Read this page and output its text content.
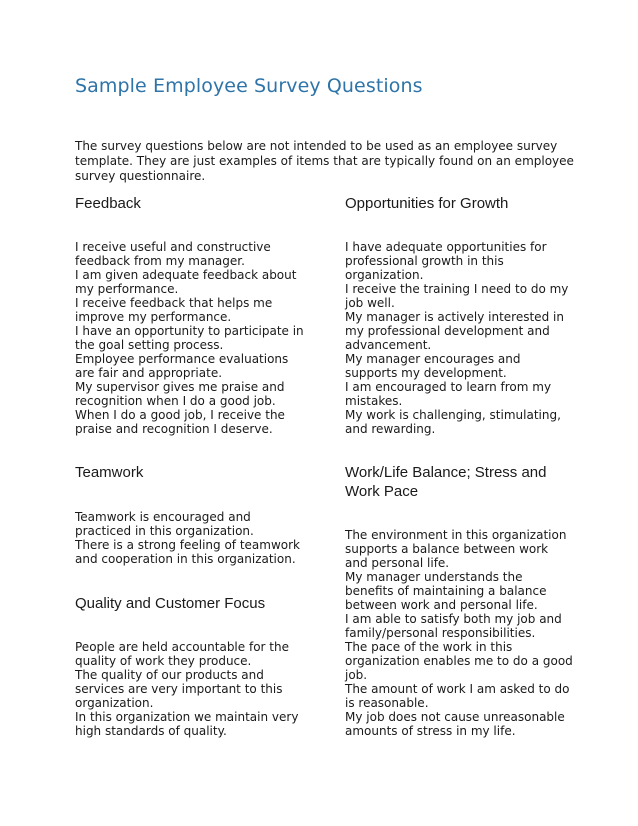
Sample Employee Survey Questions

The survey questions below are not intended to be used as an employee survey template. They are just examples of items that are typically found on an employee survey questionnaire.

Feedback
I receive useful and constructive feedback from my manager.
I am given adequate feedback about my performance.
I receive feedback that helps me improve my performance.
I have an opportunity to participate in the goal setting process.
Employee performance evaluations are fair and appropriate.
My supervisor gives me praise and recognition when I do a good job.
When I do a good job, I receive the praise and recognition I deserve.
Teamwork
Teamwork is encouraged and practiced in this organization.
There is a strong feeling of teamwork and cooperation in this organization.
Quality and Customer Focus
People are held accountable for the quality of work they produce.
The quality of our products and services are very important to this organization.
In this organization we maintain very high standards of quality.
Opportunities for Growth
I have adequate opportunities for professional growth in this organization.
I receive the training I need to do my job well.
My manager is actively interested in my professional development and advancement.
My manager encourages and supports my development.
I am encouraged to learn from my mistakes.
My work is challenging, stimulating, and rewarding.
Work/Life Balance; Stress and Work Pace
The environment in this organization supports a balance between work and personal life.
My manager understands the benefits of maintaining a balance between work and personal life.
I am able to satisfy both my job and family/personal responsibilities.
The pace of the work in this organization enables me to do a good job.
The amount of work I am asked to do is reasonable.
My job does not cause unreasonable amounts of stress in my life.
